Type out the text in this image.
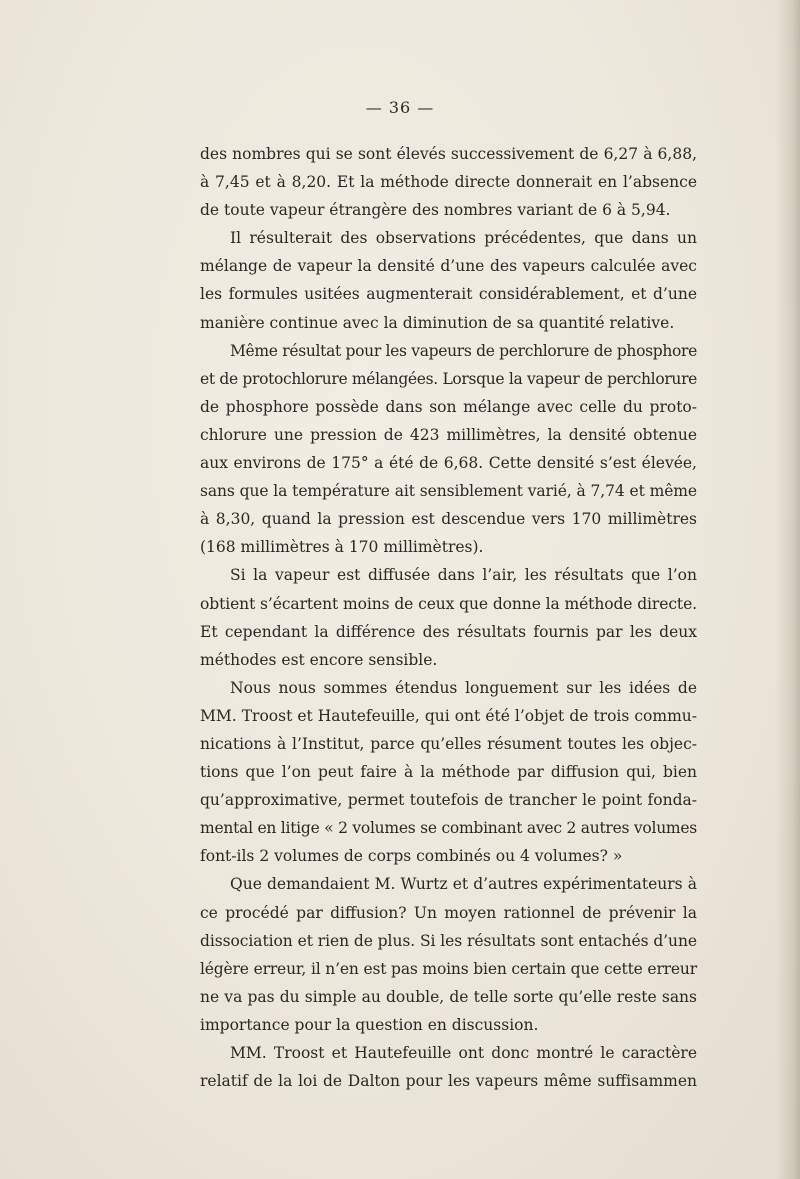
— 36 —
des nombres qui se sont élevés successivement de 6,27 à 6,88,
à 7,45 et à 8,20. Et la méthode directe donnerait en l’absence
de toute vapeur étrangère des nombres variant de 6 à 5,94.
Il résulterait des observations précédentes, que dans un
mélange de vapeur la densité d’une des vapeurs calculée avec
les formules usitées augmenterait considérablement, et d’une
manière continue avec la diminution de sa quantité relative.
Même résultat pour les vapeurs de perchlorure de phosphore
et de protochlorure mélangées. Lorsque la vapeur de perchlorure
de phosphore possède dans son mélange avec celle du proto-
chlorure une pression de 423 millimètres, la densité obtenue
aux environs de 175° a été de 6,68. Cette densité s’est élevée,
sans que la température ait sensiblement varié, à 7,74 et même
à 8,30, quand la pression est descendue vers 170 millimètres
(168 millimètres à 170 millimètres).
Si la vapeur est diffusée dans l’air, les résultats que l’on
obtient s’écartent moins de ceux que donne la méthode directe.
Et cependant la différence des résultats fournis par les deux
méthodes est encore sensible.
Nous nous sommes étendus longuement sur les idées de
MM. Troost et Hautefeuille, qui ont été l’objet de trois commu-
nications à l’Institut, parce qu’elles résument toutes les objec-
tions que l’on peut faire à la méthode par diffusion qui, bien
qu’approximative, permet toutefois de trancher le point fonda-
mental en litige « 2 volumes se combinant avec 2 autres volumes
font-ils 2 volumes de corps combinés ou 4 volumes? »
Que demandaient M. Wurtz et d’autres expérimentateurs à
ce procédé par diffusion? Un moyen rationnel de prévenir la
dissociation et rien de plus. Si les résultats sont entachés d’une
légère erreur, il n’en est pas moins bien certain que cette erreur
ne va pas du simple au double, de telle sorte qu’elle reste sans
importance pour la question en discussion.
MM. Troost et Hautefeuille ont donc montré le caractère
relatif de la loi de Dalton pour les vapeurs même suffisammen
